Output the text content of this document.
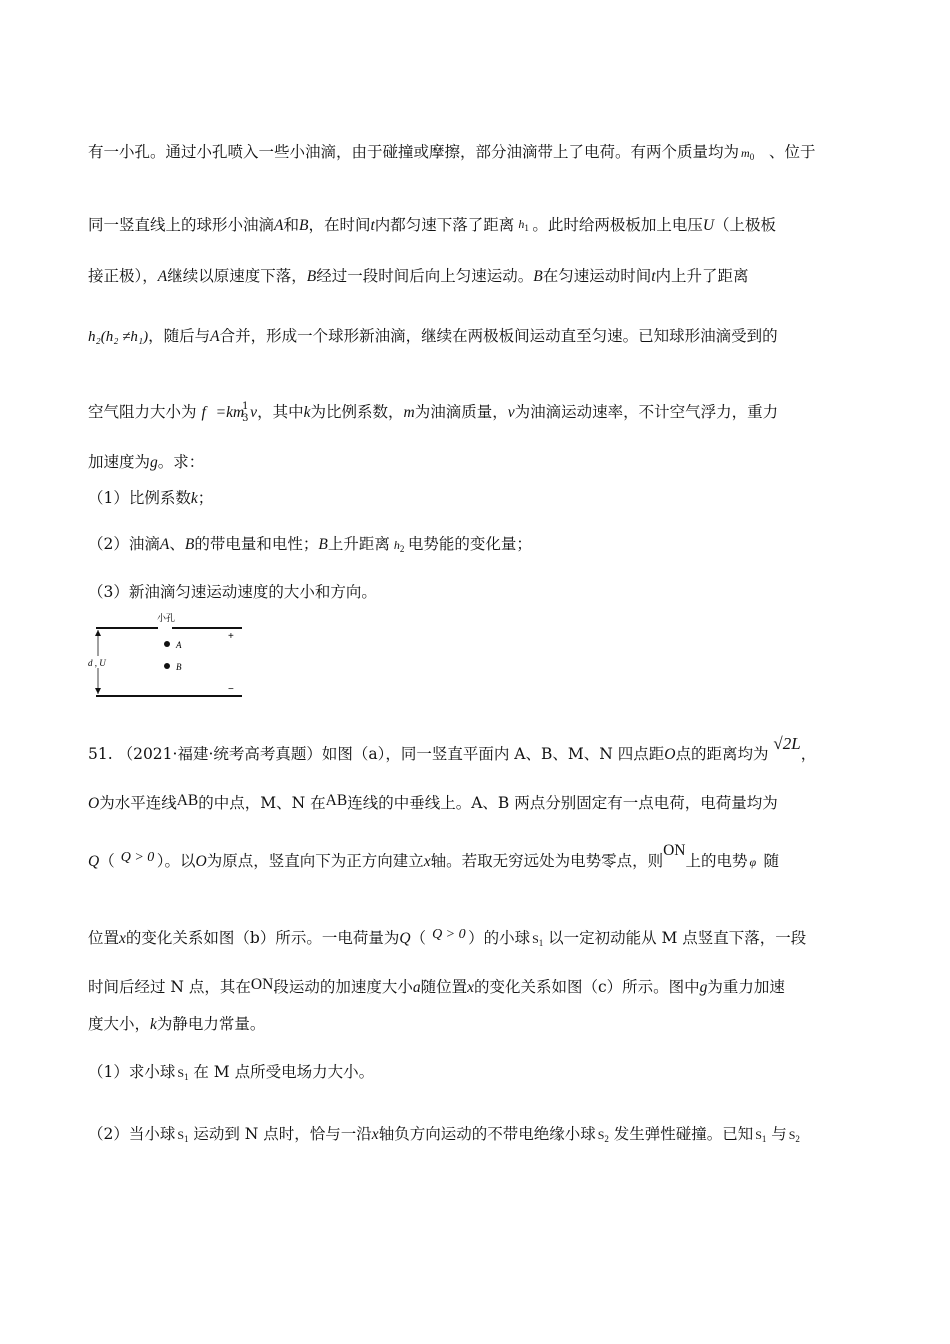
有一小孔。通过小孔喷入一些小油滴，由于碰撞或摩擦，部分油滴带上了电荷。有两个质量均为 $m_0$ 、位于
同一竖直线上的球形小油滴A和B，在时间t内都匀速下落了距离 $h_1$ 。此时给两极板加上电压U（上极板
接正极），A继续以原速度下落，B经过一段时间后向上匀速运动。B在匀速运动时间t内上升了距离
h₂(h₂ ≠h₁)，随后与A合并，形成一个球形新油滴，继续在两极板间运动直至匀速。已知球形油滴受到的
空气阻力大小为 f =km
1
3 v，其中k为比例系数，m为油滴质量，v为油滴运动速率，不计空气浮力，重力
加速度为g。求：
（1）比例系数k；
（2）油滴A、B的带电量和电性；B上升距离 $h_2$ 电势能的变化量；
（3）新油滴匀速运动速度的大小和方向。
d , U
小孔
+
−
A
B
51. （2021·福建·统考高考真题）如图（a），同一竖直平面内 A、B、M、N 四点距O点的距离均为 √2L，
O为水平连线AB的中点，M、N 在AB连线的中垂线上。A、B 两点分别固定有一点电荷，电荷量均为
Q（ Q > 0 ）。以O为原点，竖直向下为正方向建立x轴。若取无穷远处为电势零点，则ON上的电势 φ 随
位置x的变化关系如图（b）所示。一电荷量为Q（ Q > 0 ）的小球 $S_1$ 以一定初动能从 M 点竖直下落，一段
时间后经过 N 点，其在ON段运动的加速度大小a随位置x的变化关系如图（c）所示。图中g为重力加速
度大小，k为静电力常量。
（1）求小球 $S_1$ 在 M 点所受电场力大小。
（2）当小球 $S_1$ 运动到 N 点时，恰与一沿x轴负方向运动的不带电绝缘小球 $S_2$ 发生弹性碰撞。已知 $S_1$ 与 $S_2$
